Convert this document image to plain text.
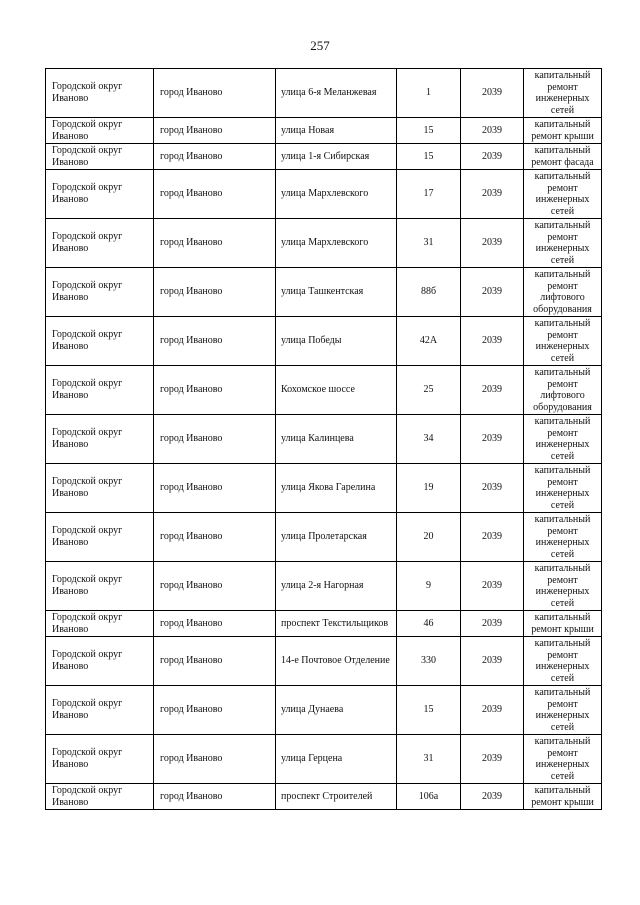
257
Городской округ Иваново	город Иваново	улица 6-я Меланжевая	1	2039	капитальный ремонт инженерных сетей
Городской округ Иваново	город Иваново	улица Новая	15	2039	капитальный ремонт крыши
Городской округ Иваново	город Иваново	улица 1-я Сибирская	15	2039	капитальный ремонт фасада
Городской округ Иваново	город Иваново	улица Мархлевского	17	2039	капитальный ремонт инженерных сетей
Городской округ Иваново	город Иваново	улица Мархлевского	31	2039	капитальный ремонт инженерных сетей
Городской округ Иваново	город Иваново	улица Ташкентская	88б	2039	капитальный ремонт лифтового оборудования
Городской округ Иваново	город Иваново	улица Победы	42А	2039	капитальный ремонт инженерных сетей
Городской округ Иваново	город Иваново	Кохомское шоссе	25	2039	капитальный ремонт лифтового оборудования
Городской округ Иваново	город Иваново	улица Калинцева	34	2039	капитальный ремонт инженерных сетей
Городской округ Иваново	город Иваново	улица Якова Гарелина	19	2039	капитальный ремонт инженерных сетей
Городской округ Иваново	город Иваново	улица Пролетарская	20	2039	капитальный ремонт инженерных сетей
Городской округ Иваново	город Иваново	улица 2-я Нагорная	9	2039	капитальный ремонт инженерных сетей
Городской округ Иваново	город Иваново	проспект Текстильщиков	46	2039	капитальный ремонт крыши
Городской округ Иваново	город Иваново	14-е Почтовое Отделение	330	2039	капитальный ремонт инженерных сетей
Городской округ Иваново	город Иваново	улица Дунаева	15	2039	капитальный ремонт инженерных сетей
Городской округ Иваново	город Иваново	улица Герцена	31	2039	капитальный ремонт инженерных сетей
Городской округ Иваново	город Иваново	проспект Строителей	106а	2039	капитальный ремонт крыши
